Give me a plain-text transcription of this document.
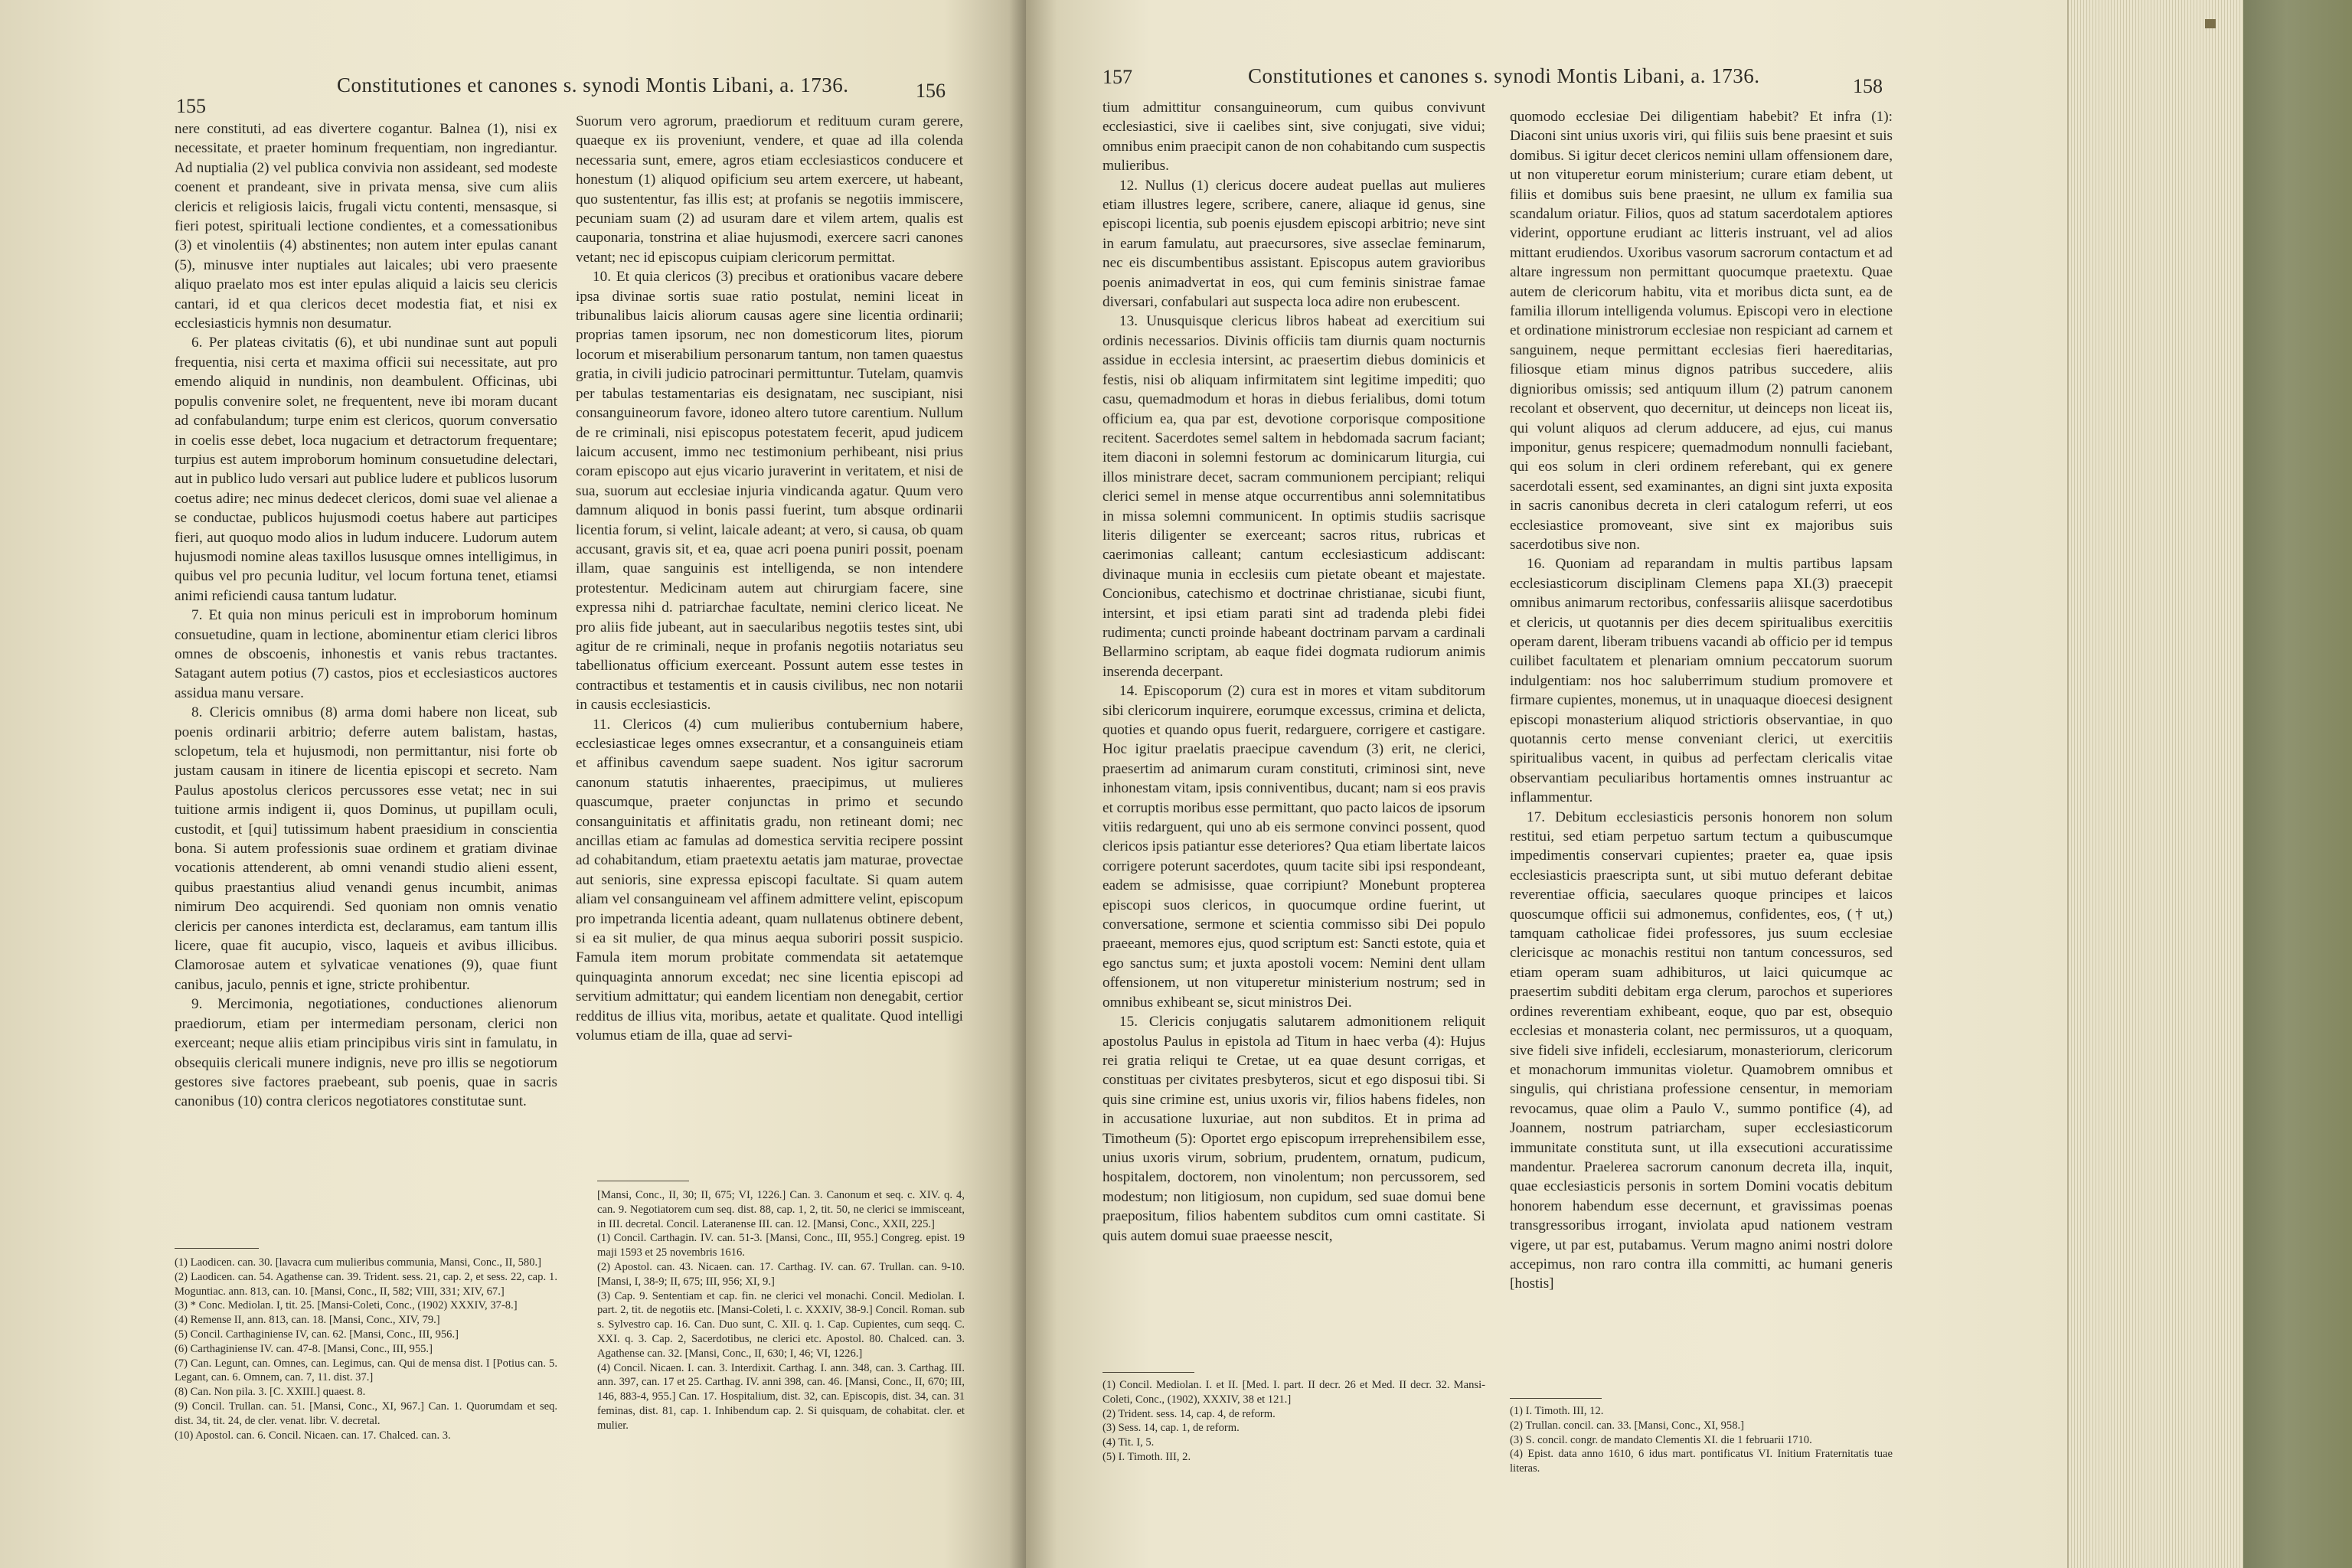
155
Constitutiones et canones s. synodi Montis Libani, a. 1736.	156

nere constituti, ad eas divertere cogantur. Balnea (1), nisi ex necessitate, et praeter hominum frequentiam, non ingrediantur. Ad nuptialia (2) vel publica convivia non assideant, sed modeste coenent et prandeant, sive in privata mensa, sive cum aliis clericis et religiosis laicis, frugali victu contenti, mensasque, si fieri potest, spirituali lectione condientes, et a comessationibus (3) et vinolentiis (4) abstinentes; non autem inter epulas canant (5), minusve inter nuptiales aut laicales; ubi vero praesente aliquo praelato mos est inter epulas aliquid a laicis seu clericis cantari, id et qua clericos decet modestia fiat, et nisi ex ecclesiasticis hymnis non desumatur.

6. Per plateas civitatis (6), et ubi nundinae sunt aut populi frequentia, nisi certa et maxima officii sui necessitate, aut pro emendo aliquid in nundinis, non deambulent. Officinas, ubi populis convenire solet, ne frequentent, neve ibi moram ducant ad confabulandum; turpe enim est clericos, quorum conversatio in coelis esse debet, loca nugacium et detractorum frequentare; turpius est autem improborum hominum consuetudine delectari, aut in publico ludo versari aut publice ludere et publicos lusorum coetus adire; nec minus dedecet clericos, domi suae vel alienae a se conductae, publicos hujusmodi coetus habere aut participes fieri, aut quoquo modo alios in ludum inducere. Ludorum autem hujusmodi nomine aleas taxillos lususque omnes intelligimus, in quibus vel pro pecunia luditur, vel locum fortuna tenet, etiamsi animi reficiendi causa tantum ludatur.

7. Et quia non minus periculi est in improborum hominum consuetudine, quam in lectione, abominentur etiam clerici libros omnes de obscoenis, inhonestis et vanis rebus tractantes. Satagant autem potius (7) castos, pios et ecclesiasticos auctores assidua manu versare.

8. Clericis omnibus (8) arma domi habere non liceat, sub poenis ordinarii arbitrio; deferre autem balistam, hastas, sclopetum, tela et hujusmodi, non permittantur, nisi forte ob justam causam in itinere de licentia episcopi et secreto. Nam Paulus apostolus clericos percussores esse vetat; nec in sui tuitione armis indigent ii, quos Dominus, ut pupillam oculi, custodit, et [qui] tutissimum habent praesidium in conscientia bona. Si autem professionis suae ordinem et gratiam divinae vocationis attenderent, ab omni venandi studio alieni essent, quibus praestantius aliud venandi genus incumbit, animas nimirum Deo acquirendi. Sed quoniam non omnis venatio clericis per canones interdicta est, declaramus, eam tantum illis licere, quae fit aucupio, visco, laqueis et avibus illicibus. Clamorosae autem et sylvaticae venationes (9), quae fiunt canibus, jaculo, pennis et igne, stricte prohibentur.

9. Mercimonia, negotiationes, conductiones alienorum praediorum, etiam per intermediam personam, clerici non exerceant; neque aliis etiam principibus viris sint in famulatu, in obsequiis clericali munere indignis, neve pro illis se negotiorum gestores sive factores praebeant, sub poenis, quae in sacris canonibus (10) contra clericos negotiatores constitutae sunt.

(1) Laodicen. can. 30. [lavacra cum mulieribus communia, Mansi, Conc., II, 580.]

(2) Laodicen. can. 54. Agathense can. 39. Trident. sess. 21, cap. 2, et sess. 22, cap. 1. Moguntiac. ann. 813, can. 10. [Mansi, Conc., II, 582; VIII, 331; XIV, 67.]

(3) * Conc. Mediolan. I, tit. 25. [Mansi-Coleti, Conc., (1902) XXXIV, 37-8.]

(4) Remense II, ann. 813, can. 18. [Mansi, Conc., XIV, 79.]

(5) Concil. Carthaginiense IV, can. 62. [Mansi, Conc., III, 956.]

(6) Carthaginiense IV. can. 47-8. [Mansi, Conc., III, 955.]

(7) Can. Legunt, can. Omnes, can. Legimus, can. Qui de mensa dist. I [Potius can. 5. Legant, can. 6. Omnem, can. 7, 11. dist. 37.]

(8) Can. Non pila. 3. [C. XXIII.] quaest. 8.

(9) Concil. Trullan. can. 51. [Mansi, Conc., XI, 967.] Can. 1. Quorumdam et seq. dist. 34, tit. 24, de cler. venat. libr. V. decretal.

(10) Apostol. can. 6. Concil. Nicaen. can. 17. Chalced. can. 3.

Suorum vero agrorum, praediorum et redituum curam gerere, quaeque ex iis proveniunt, vendere, et quae ad illa colenda necessaria sunt, emere, agros etiam ecclesiasticos conducere et honestum (1) aliquod opificium seu artem exercere, ut habeant, quo sustententur, fas illis est; at profanis se negotiis immiscere, pecuniam suam (2) ad usuram dare et vilem artem, qualis est cauponaria, tonstrina et aliae hujusmodi, exercere sacri canones vetant; nec id episcopus cuipiam clericorum permittat.

10. Et quia clericos (3) precibus et orationibus vacare debere ipsa divinae sortis suae ratio postulat, nemini liceat in tribunalibus laicis aliorum causas agere sine licentia ordinarii; proprias tamen ipsorum, nec non domesticorum lites, piorum locorum et miserabilium personarum tantum, non tamen quaestus gratia, in civili judicio patrocinari permittuntur. Tutelam, quamvis per tabulas testamentarias eis designatam, nec suscipiant, nisi consanguineorum favore, idoneo altero tutore carentium. Nullum de re criminali, nisi episcopus potestatem fecerit, apud judicem laicum accusent, immo nec testimonium perhibeant, nisi prius coram episcopo aut ejus vicario juraverint in veritatem, et nisi de sua, suorum aut ecclesiae injuria vindicanda agatur. Quum vero damnum aliquod in bonis passi fuerint, tum absque ordinarii licentia forum, si velint, laicale adeant; at vero, si causa, ob quam accusant, gravis sit, et ea, quae acri poena puniri possit, poenam illam, quae sanguinis est intelligenda, se non intendere protestentur. Medicinam autem aut chirurgiam facere, sine expressa nihi d. patriarchae facultate, nemini clerico liceat. Ne pro aliis fide jubeant, aut in saecularibus negotiis testes sint, ubi agitur de re criminali, neque in profanis negotiis notariatus seu tabellionatus officium exerceant. Possunt autem esse testes in contractibus et testamentis et in causis civilibus, nec non notarii in causis ecclesiasticis.

11. Clericos (4) cum mulieribus contubernium habere, ecclesiasticae leges omnes exsecrantur, et a consanguineis etiam et affinibus cavendum saepe suadent. Nos igitur sacrorum canonum statutis inhaerentes, praecipimus, ut mulieres quascumque, praeter conjunctas in primo et secundo consanguinitatis et affinitatis gradu, non retineant domi; nec ancillas etiam ac famulas ad domestica servitia recipere possint ad cohabitandum, etiam praetextu aetatis jam maturae, provectae aut senioris, sine expressa episcopi facultate. Si quam autem aliam vel consanguineam vel affinem admittere velint, episcopum pro impetranda licentia adeant, quam nullatenus obtinere debent, si ea sit mulier, de qua minus aequa suboriri possit suspicio. Famula item morum probitate commendata sit aetatemque quinquaginta annorum excedat; nec sine licentia episcopi ad servitium admittatur; qui eandem licentiam non denegabit, certior redditus de illius vita, moribus, aetate et qualitate. Quod intelligi volumus etiam de illa, quae ad servi-

[Mansi, Conc., II, 30; II, 675; VI, 1226.] Can. 3. Canonum et seq. c. XIV. q. 4, can. 9. Negotiatorem cum seq. dist. 88, cap. 1, 2, tit. 50, ne clerici se immisceant, in III. decretal. Concil. Lateranense III. can. 12. [Mansi, Conc., XXII, 225.]

(1) Concil. Carthagin. IV. can. 51-3. [Mansi, Conc., III, 955.] Congreg. epist. 19 maji 1593 et 25 novembris 1616.

(2) Apostol. can. 43. Nicaen. can. 17. Carthag. IV. can. 67. Trullan. can. 9-10. [Mansi, I, 38-9; II, 675; III, 956; XI, 9.]

(3) Cap. 9. Sententiam et cap. fin. ne clerici vel monachi. Concil. Mediolan. I. part. 2, tit. de negotiis etc. [Mansi-Coleti, l. c. XXXIV, 38-9.] Concil. Roman. sub s. Sylvestro cap. 16. Can. Duo sunt, C. XII. q. 1. Cap. Cupientes, cum seqq. C. XXI. q. 3. Cap. 2, Sacerdotibus, ne clerici etc. Apostol. 80. Chalced. can. 3. Agathense can. 32. [Mansi, Conc., II, 630; I, 46; VI, 1226.]

(4) Concil. Nicaen. I. can. 3. Interdixit. Carthag. I. ann. 348, can. 3. Carthag. III. ann. 397, can. 17 et 25. Carthag. IV. anni 398, can. 46. [Mansi, Conc., II, 670; III, 146, 883-4, 955.] Can. 17. Hospitalium, dist. 32, can. Episcopis, dist. 34, can. 31 feminas, dist. 81, cap. 1. Inhibendum cap. 2. Si quisquam, de cohabitat. cler. et mulier.

157	Constitutiones et canones s. synodi Montis Libani, a. 1736.	158

tium admittitur consanguineorum, cum quibus convivunt ecclesiastici, sive ii caelibes sint, sive conjugati, sive vidui; omnibus enim praecipit canon de non cohabitando cum suspectis mulieribus.

12. Nullus (1) clericus docere audeat puellas aut mulieres etiam illustres legere, scribere, canere, aliaque id genus, sine episcopi licentia, sub poenis ejusdem episcopi arbitrio; neve sint in earum famulatu, aut praecursores, sive asseclae feminarum, nec eis discumbentibus assistant. Episcopus autem gravioribus poenis animadvertat in eos, qui cum feminis sinistrae famae diversari, confabulari aut suspecta loca adire non erubescent.

13. Unusquisque clericus libros habeat ad exercitium sui ordinis necessarios. Divinis officiis tam diurnis quam nocturnis assidue in ecclesia intersint, ac praesertim diebus dominicis et festis, nisi ob aliquam infirmitatem sint legitime impediti; quo casu, quemadmodum et horas in diebus ferialibus, domi totum officium ea, qua par est, devotione corporisque compositione recitent. Sacerdotes semel saltem in hebdomada sacrum faciant; item diaconi in solemni festorum ac dominicarum liturgia, cui illos ministrare decet, sacram communionem percipiant; reliqui clerici semel in mense atque occurrentibus anni solemnitatibus in missa solemni communicent. In optimis studiis sacrisque literis diligenter se exerceant; sacros ritus, rubricas et caerimonias calleant; cantum ecclesiasticum addiscant: divinaque munia in ecclesiis cum pietate obeant et majestate. Concionibus, catechismo et doctrinae christianae, sicubi fiunt, intersint, et ipsi etiam parati sint ad tradenda plebi fidei rudimenta; cuncti proinde habeant doctrinam parvam a cardinali Bellarmino scriptam, ab eaque fidei dogmata rudiorum animis inserenda decerpant.

14. Episcoporum (2) cura est in mores et vitam subditorum sibi clericorum inquirere, eorumque excessus, crimina et delicta, quoties et quando opus fuerit, redarguere, corrigere et castigare. Hoc igitur praelatis praecipue cavendum (3) erit, ne clerici, praesertim ad animarum curam constituti, criminosi sint, neve inhonestam vitam, ipsis conniventibus, ducant; nam si eos pravis et corruptis moribus esse permittant, quo pacto laicos de ipsorum vitiis redarguent, qui uno ab eis sermone convinci possent, quod clericos ipsis patiantur esse deteriores? Qua etiam libertate laicos corrigere poterunt sacerdotes, quum tacite sibi ipsi respondeant, eadem se admisisse, quae corripiunt? Monebunt propterea episcopi suos clericos, in quocumque ordine fuerint, ut conversatione, sermone et scientia commisso sibi Dei populo praeeant, memores ejus, quod scriptum est: Sancti estote, quia et ego sanctus sum; et juxta apostoli vocem: Nemini dent ullam offensionem, ut non vituperetur ministerium nostrum; sed in omnibus exhibeant se, sicut ministros Dei.

15. Clericis conjugatis salutarem admonitionem reliquit apostolus Paulus in epistola ad Titum in haec verba (4): Hujus rei gratia reliqui te Cretae, ut ea quae desunt corrigas, et constituas per civitates presbyteros, sicut et ego disposui tibi. Si quis sine crimine est, unius uxoris vir, filios habens fideles, non in accusatione luxuriae, aut non subditos. Et in prima ad Timotheum (5): Oportet ergo episcopum irreprehensibilem esse, unius uxoris virum, sobrium, prudentem, ornatum, pudicum, hospitalem, doctorem, non vinolentum; non percussorem, sed modestum; non litigiosum, non cupidum, sed suae domui bene praepositum, filios habentem subditos cum omni castitate. Si quis autem domui suae praeesse nescit,

(1) Concil. Mediolan. I. et II. [Med. I. part. II decr. 26 et Med. II decr. 32. Mansi-Coleti, Conc., (1902), XXXIV, 38 et 121.]

(2) Trident. sess. 14, cap. 4, de reform.

(3) Sess. 14, cap. 1, de reform.

(4) Tit. I, 5.

(5) I. Timoth. III, 2.

quomodo ecclesiae Dei diligentiam habebit? Et infra (1): Diaconi sint unius uxoris viri, qui filiis suis bene praesint et suis domibus. Si igitur decet clericos nemini ullam offensionem dare, ut non vituperetur eorum ministerium; curare etiam debent, ut filiis et domibus suis bene praesint, ne ullum ex familia sua scandalum oriatur. Filios, quos ad statum sacerdotalem aptiores viderint, opportune erudiant ac litteris instruant, vel ad alios mittant erudiendos. Uxoribus vasorum sacrorum contactum et ad altare ingressum non permittant quocumque praetextu. Quae autem de clericorum habitu, vita et moribus dicta sunt, ea de familia illorum intelligenda volumus. Episcopi vero in electione et ordinatione ministrorum ecclesiae non respiciant ad carnem et sanguinem, neque permittant ecclesias fieri haereditarias, filiosque etiam minus dignos patribus succedere, aliis dignioribus omissis; sed antiquum illum (2) patrum canonem recolant et observent, quo decernitur, ut deinceps non liceat iis, qui volunt aliquos ad clerum adducere, ad ejus, cui manus imponitur, genus respicere; quemadmodum nonnulli faciebant, qui eos solum in cleri ordinem referebant, qui ex genere sacerdotali essent, sed examinantes, an digni sint juxta exposita in sacris canonibus decreta in cleri catalogum referri, ut eos ecclesiastice promoveant, sive sint ex majoribus suis sacerdotibus sive non.

16. Quoniam ad reparandam in multis partibus lapsam ecclesiasticorum disciplinam Clemens papa XI.(3) praecepit omnibus animarum rectoribus, confessariis aliisque sacerdotibus et clericis, ut quotannis per dies decem spiritualibus exercitiis operam darent, liberam tribuens vacandi ab officio per id tempus cuilibet facultatem et plenariam omnium peccatorum suorum indulgentiam: nos hoc saluberrimum studium promovere et firmare cupientes, monemus, ut in unaquaque dioecesi designent episcopi monasterium aliquod strictioris observantiae, in quo quotannis certo mense conveniant clerici, ut exercitiis spiritualibus vacent, in quibus ad perfectam clericalis vitae observantiam peculiaribus hortamentis omnes instruantur ac inflammentur.

17. Debitum ecclesiasticis personis honorem non solum restitui, sed etiam perpetuo sartum tectum a quibuscumque impedimentis conservari cupientes; praeter ea, quae ipsis ecclesiasticis praescripta sunt, ut sibi mutuo deferant debitae reverentiae officia, saeculares quoque principes et laicos quoscumque officii sui admonemus, confidentes, eos, († ut,) tamquam catholicae fidei professores, jus suum ecclesiae clericisque ac monachis restitui non tantum concessuros, sed etiam operam suam adhibituros, ut laici quicumque ac praesertim subditi debitam erga clerum, parochos et superiores ordines reverentiam exhibeant, eoque, quo par est, obsequio ecclesias et monasteria colant, nec permissuros, ut a quoquam, sive fideli sive infideli, ecclesiarum, monasteriorum, clericorum et monachorum immunitas violetur. Quamobrem omnibus et singulis, qui christiana professione censentur, in memoriam revocamus, quae olim a Paulo V., summo pontifice (4), ad Joannem, nostrum patriarcham, super ecclesiasticorum immunitate constituta sunt, ut illa exsecutioni accuratissime mandentur. Praelerea sacrorum canonum decreta illa, inquit, quae ecclesiasticis personis in sortem Domini vocatis debitum honorem habendum esse decernunt, et gravissimas poenas transgressoribus irrogant, inviolata apud nationem vestram vigere, ut par est, putabamus. Verum magno animi nostri dolore accepimus, non raro contra illa committi, ac humani generis [hostis]

(1) I. Timoth. III, 12.

(2) Trullan. concil. can. 33. [Mansi, Conc., XI, 958.]

(3) S. concil. congr. de mandato Clementis XI. die 1 februarii 1710.

(4) Epist. data anno 1610, 6 idus mart. pontificatus VI. Initium Fraternitatis tuae literas.
